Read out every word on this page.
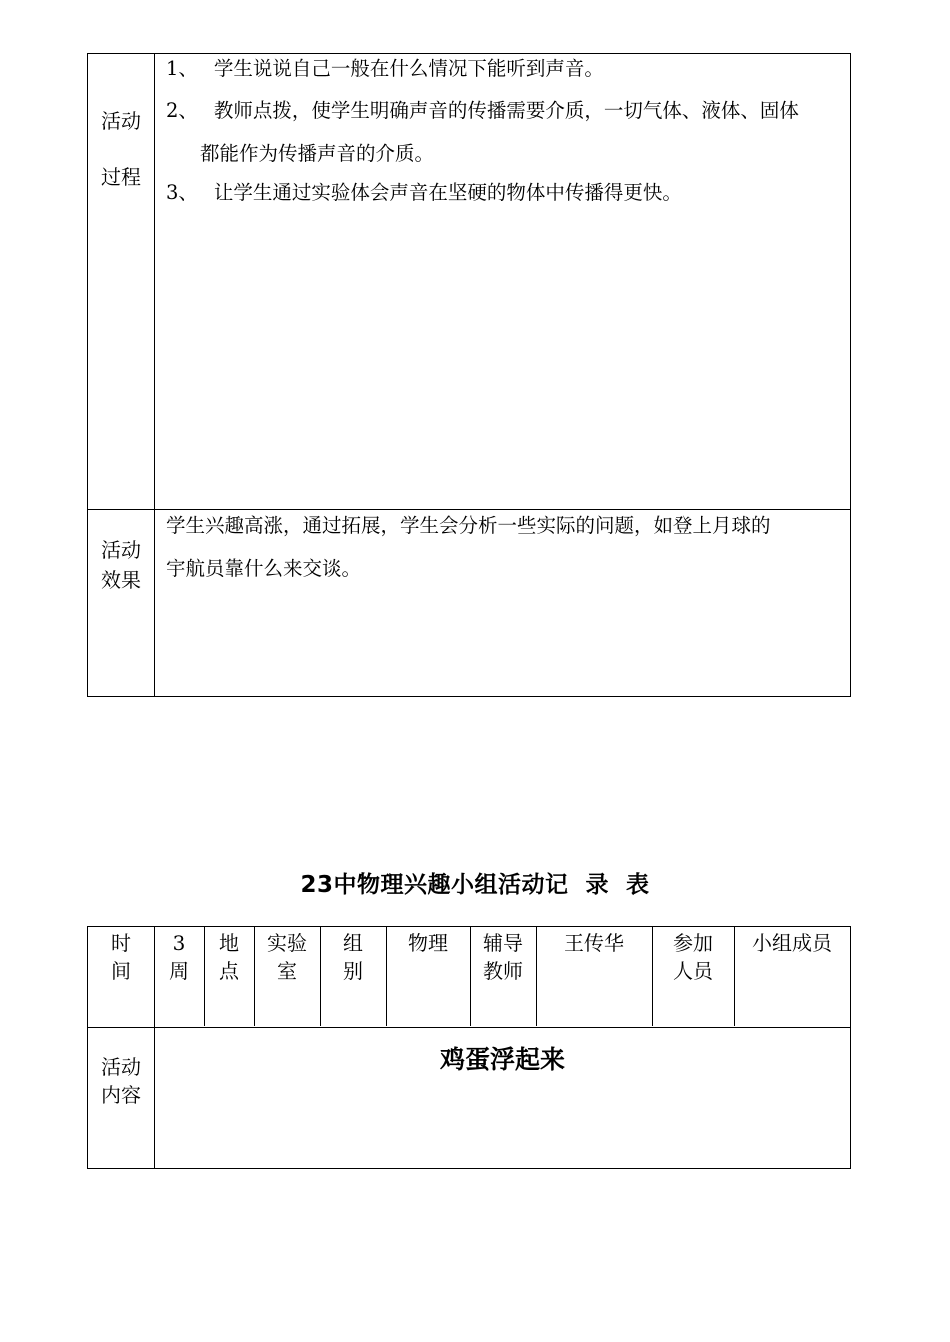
活动
过程
1、 学生说说自己一般在什么情况下能听到声音。
2、 教师点拨，使学生明确声音的传播需要介质，一切气体、液体、固体
都能作为传播声音的介质。
3、 让学生通过实验体会声音在坚硬的物体中传播得更快。
活动
效果
学生兴趣高涨，通过拓展，学生会分析一些实际的问题，如登上月球的
宇航员靠什么来交谈。
23中物理兴趣小组活动记  录  表
时
间
3
周
地
点
实验
室
组
别
物理	辅导
教师
王传华	参加
人员
小组成员
活动
内容
鸡蛋浮起来
